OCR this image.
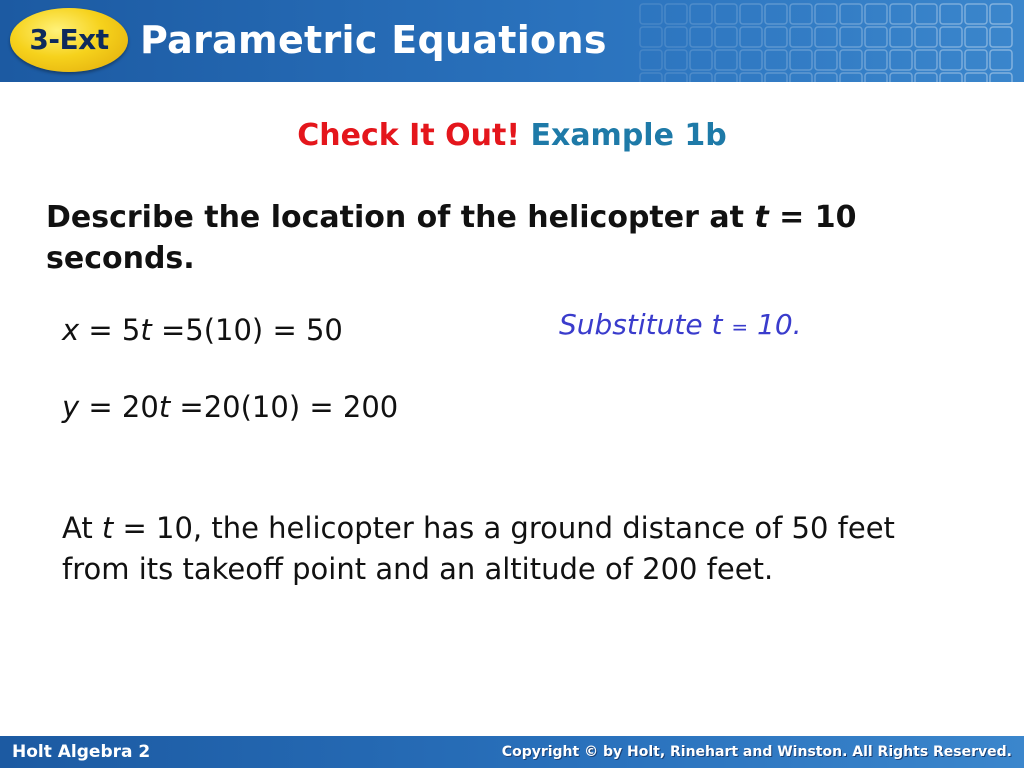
3-Ext Parametric Equations
Check It Out! Example 1b
Describe the location of the helicopter at t = 10 seconds.
x = 5t =5(10) = 50
y = 20t =20(10) = 200
Substitute t = 10.
At t = 10, the helicopter has a ground distance of 50 feet from its takeoff point and an altitude of 200 feet.
Holt Algebra 2	Copyright © by Holt, Rinehart and Winston. All Rights Reserved.
